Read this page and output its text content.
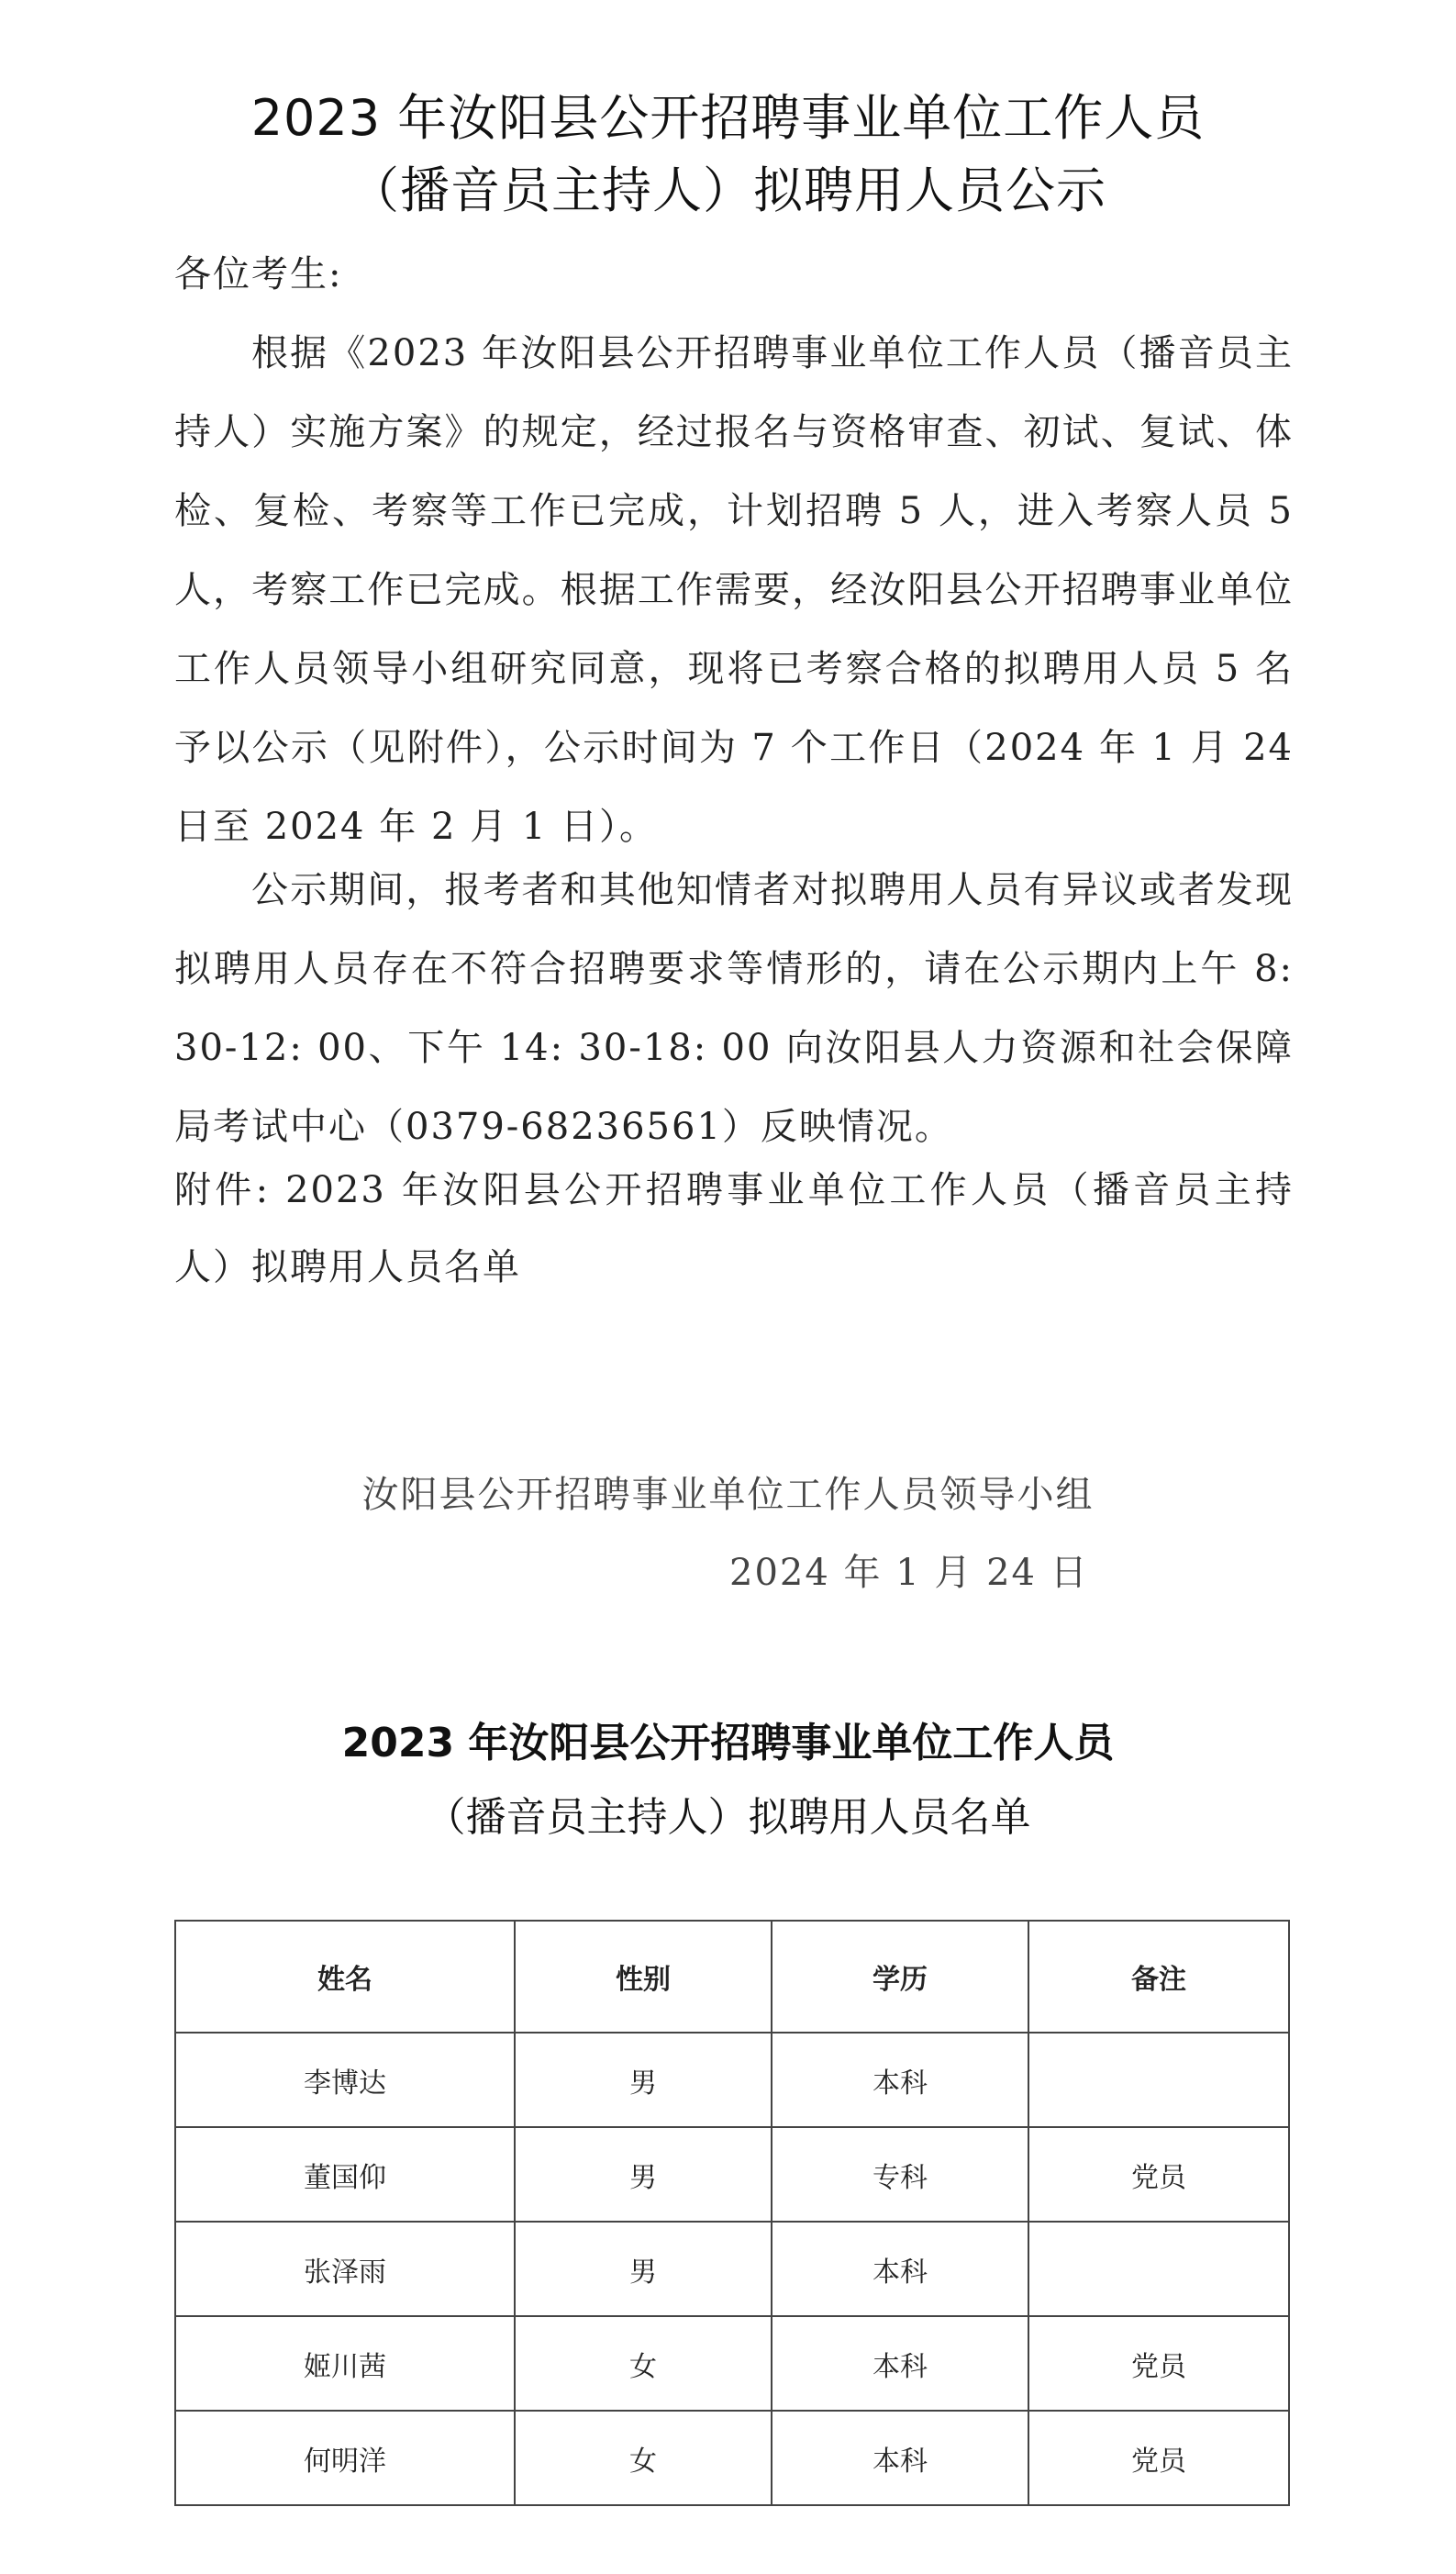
2023 年汝阳县公开招聘事业单位工作人员
（播音员主持人）拟聘用人员公示

各位考生:

根据《2023 年汝阳县公开招聘事业单位工作人员（播音员主持人）实施方案》的规定，经过报名与资格审查、初试、复试、体检、复检、考察等工作已完成，计划招聘 5 人，进入考察人员 5 人，考察工作已完成。根据工作需要，经汝阳县公开招聘事业单位工作人员领导小组研究同意，现将已考察合格的拟聘用人员 5 名予以公示（见附件），公示时间为 7 个工作日（2024 年 1 月 24 日至 2024 年 2 月 1 日）。

公示期间，报考者和其他知情者对拟聘用人员有异议或者发现拟聘用人员存在不符合招聘要求等情形的，请在公示期内上午 8: 30-12: 00、下午 14: 30-18: 00 向汝阳县人力资源和社会保障局考试中心（0379-68236561）反映情况。

附件: 2023 年汝阳县公开招聘事业单位工作人员（播音员主持人）拟聘用人员名单

汝阳县公开招聘事业单位工作人员领导小组
2024 年 1 月 24 日
2023 年汝阳县公开招聘事业单位工作人员
（播音员主持人）拟聘用人员名单
姓名	性别	学历	备注
李博达	男	本科	
董国仰	男	专科	党员
张泽雨	男	本科	
姬川茜	女	本科	党员
何明洋	女	本科	党员
